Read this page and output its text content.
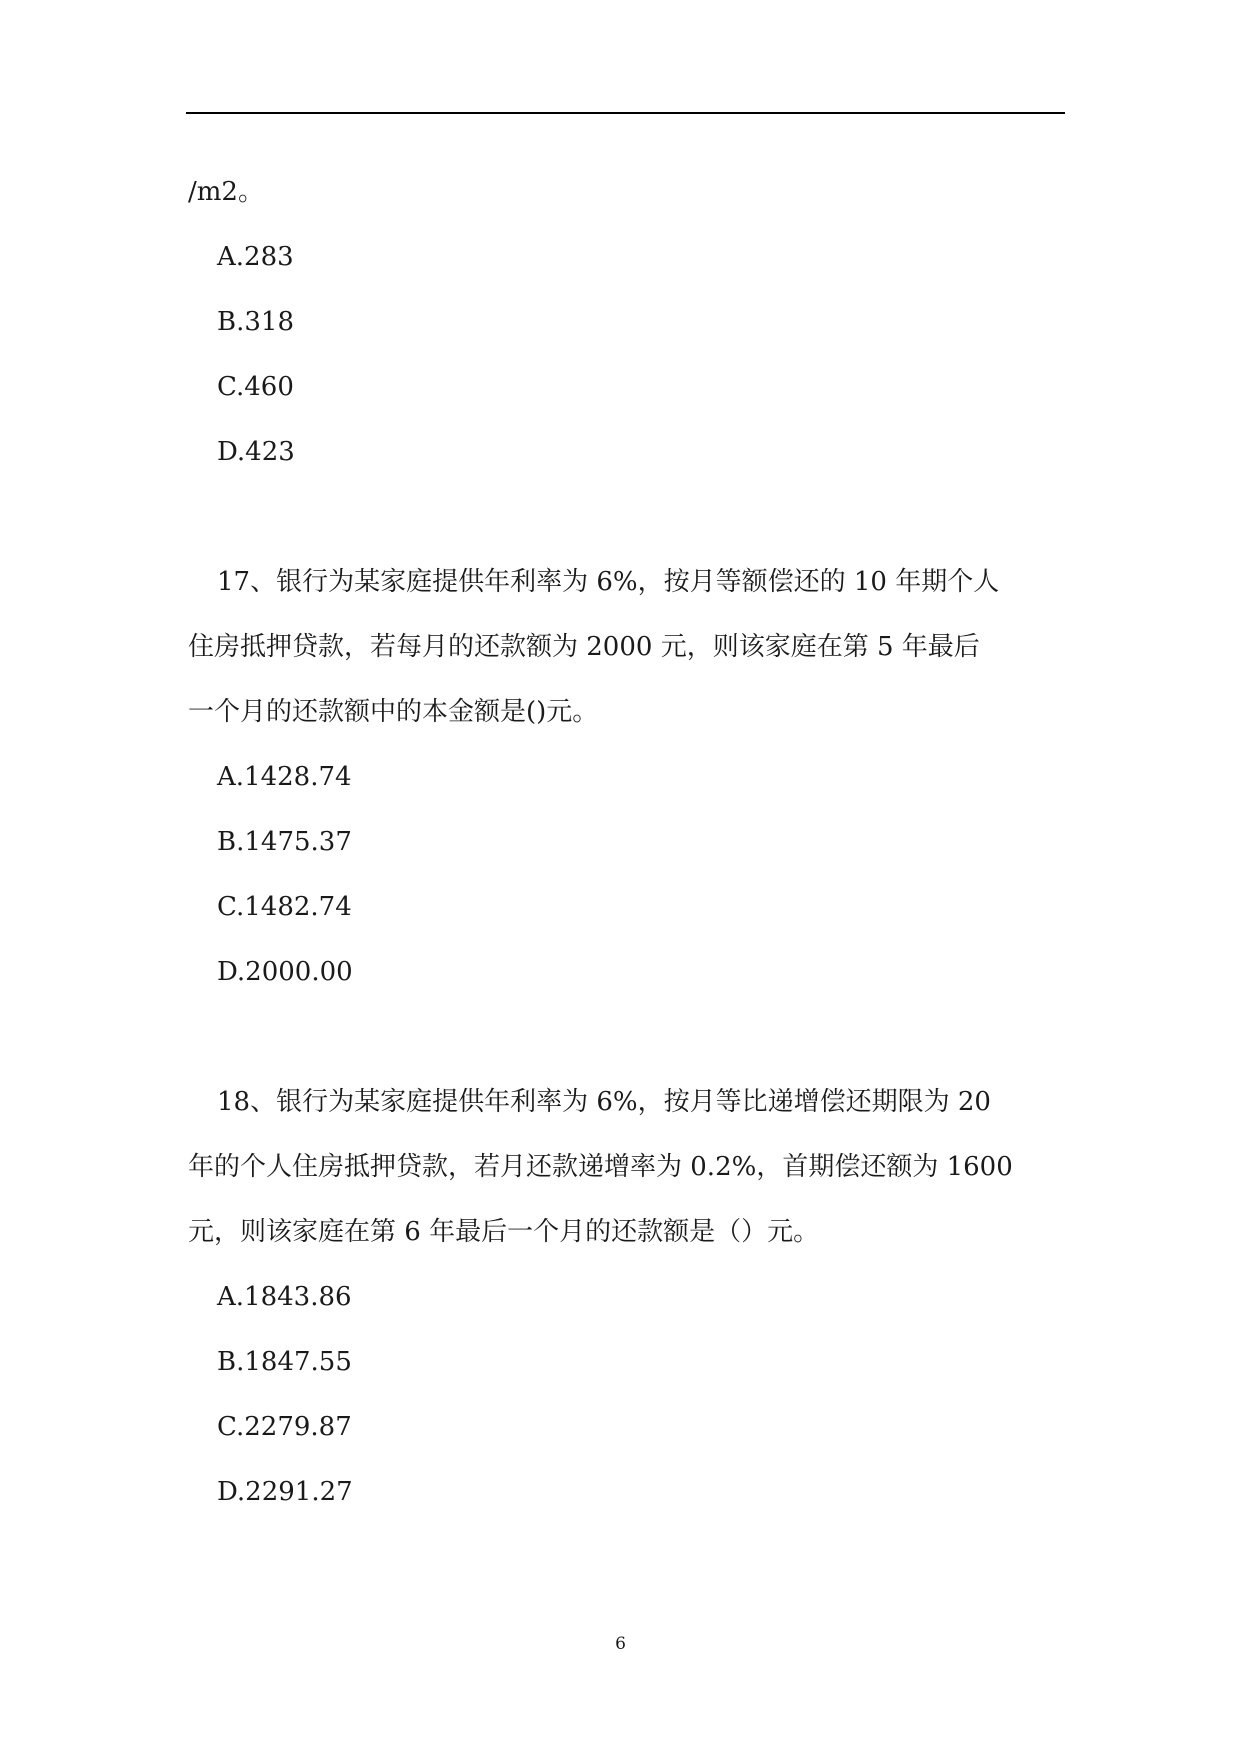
/m2。
A.283
B.318
C.460
D.423
17、银行为某家庭提供年利率为 6%，按月等额偿还的 10 年期个人
住房抵押贷款，若每月的还款额为 2000 元，则该家庭在第 5 年最后
一个月的还款额中的本金额是()元。
A.1428.74
B.1475.37
C.1482.74
D.2000.00
18、银行为某家庭提供年利率为 6%，按月等比递增偿还期限为 20
年的个人住房抵押贷款，若月还款递增率为 0.2%，首期偿还额为 1600
元，则该家庭在第 6 年最后一个月的还款额是（）元。
A.1843.86
B.1847.55
C.2279.87
D.2291.27
6
